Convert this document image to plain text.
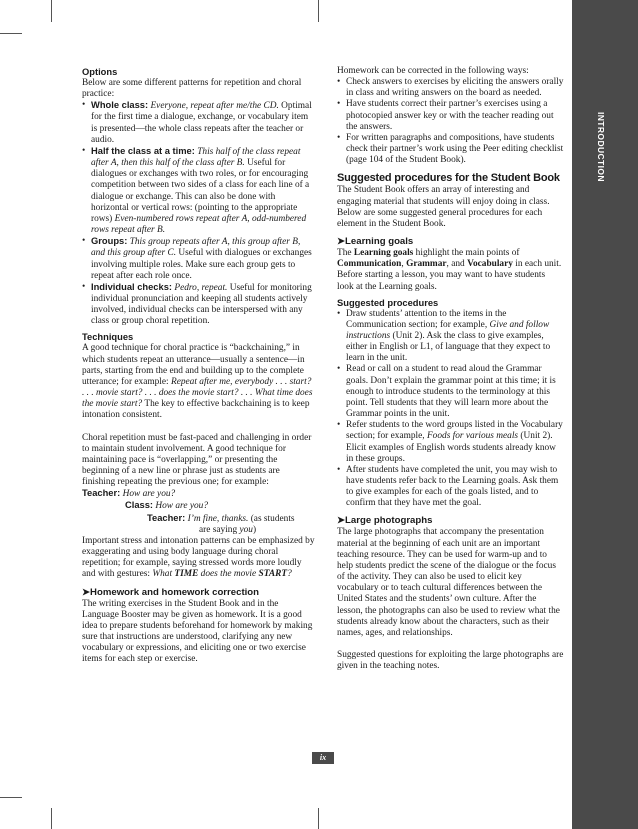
INTRODUCTION

Options

Below are some different patterns for repetition and choral practice:

• Whole class: Everyone, repeat after me/the CD. Optimal for the first time a dialogue, exchange, or vocabulary item is presented—the whole class repeats after the teacher or audio.
• Half the class at a time: This half of the class repeat after A, then this half of the class after B. Useful for dialogues or exchanges with two roles, or for encouraging competition between two sides of a class for each line of a dialogue or exchange. This can also be done with horizontal or vertical rows: (pointing to the appropriate rows) Even-numbered rows repeat after A, odd-numbered rows repeat after B.
• Groups: This group repeats after A, this group after B, and this group after C. Useful with dialogues or exchanges involving multiple roles. Make sure each group gets to repeat after each role once.
• Individual checks: Pedro, repeat. Useful for monitoring individual pronunciation and keeping all students actively involved, individual checks can be interspersed with any class or group choral repetition.

Techniques

A good technique for choral practice is “backchaining,” in which students repeat an utterance—usually a sentence—in parts, starting from the end and building up to the complete utterance; for example: Repeat after me, everybody . . . start? . . . movie start? . . . does the movie start? . . . What time does the movie start? The key to effective backchaining is to keep intonation consistent.

Choral repetition must be fast-paced and challenging in order to maintain student involvement. A good technique for maintaining pace is “overlapping,” or presenting the beginning of a new line or phrase just as students are finishing repeating the previous one; for example:

Teacher: How are you?

Class: How are you?

Teacher: I’m fine, thanks. (as students

are saying you)

Important stress and intonation patterns can be emphasized by exaggerating and using body language during choral repetition; for example, saying stressed words more loudly and with gestures: What TIME does the movie START?

➤Homework and homework correction

The writing exercises in the Student Book and in the Language Booster may be given as homework. It is a good idea to prepare students beforehand for homework by making sure that instructions are understood, clarifying any new vocabulary or expressions, and eliciting one or two exercise items for each step or exercise.

Homework can be corrected in the following ways:

• Check answers to exercises by eliciting the answers orally in class and writing answers on the board as needed.
• Have students correct their partner’s exercises using a photocopied answer key or with the teacher reading out the answers.
• For written paragraphs and compositions, have students check their partner’s work using the Peer editing checklist (page 104 of the Student Book).

Suggested procedures for the Student Book

The Student Book offers an array of interesting and engaging material that students will enjoy doing in class. Below are some suggested general procedures for each element in the Student Book.

➤Learning goals

The Learning goals highlight the main points of Communication, Grammar, and Vocabulary in each unit. Before starting a lesson, you may want to have students look at the Learning goals.

Suggested procedures

• Draw students’ attention to the items in the Communication section; for example, Give and follow instructions (Unit 2). Ask the class to give examples, either in English or L1, of language that they expect to learn in the unit.
• Read or call on a student to read aloud the Grammar goals. Don’t explain the grammar point at this time; it is enough to introduce students to the terminology at this point. Tell students that they will learn more about the Grammar points in the unit.
• Refer students to the word groups listed in the Vocabulary section; for example, Foods for various meals (Unit 2). Elicit examples of English words students already know in these groups.
• After students have completed the unit, you may wish to have students refer back to the Learning goals. Ask them to give examples for each of the goals listed, and to confirm that they have met the goal.

➤Large photographs

The large photographs that accompany the presentation material at the beginning of each unit are an important teaching resource. They can be used for warm-up and to help students predict the scene of the dialogue or the focus of the activity. They can also be used to elicit key vocabulary or to teach cultural differences between the United States and the students’ own culture. After the lesson, the photographs can also be used to review what the students already know about the characters, such as their names, ages, and relationships.

Suggested questions for exploiting the large photographs are given in the teaching notes.

ix
